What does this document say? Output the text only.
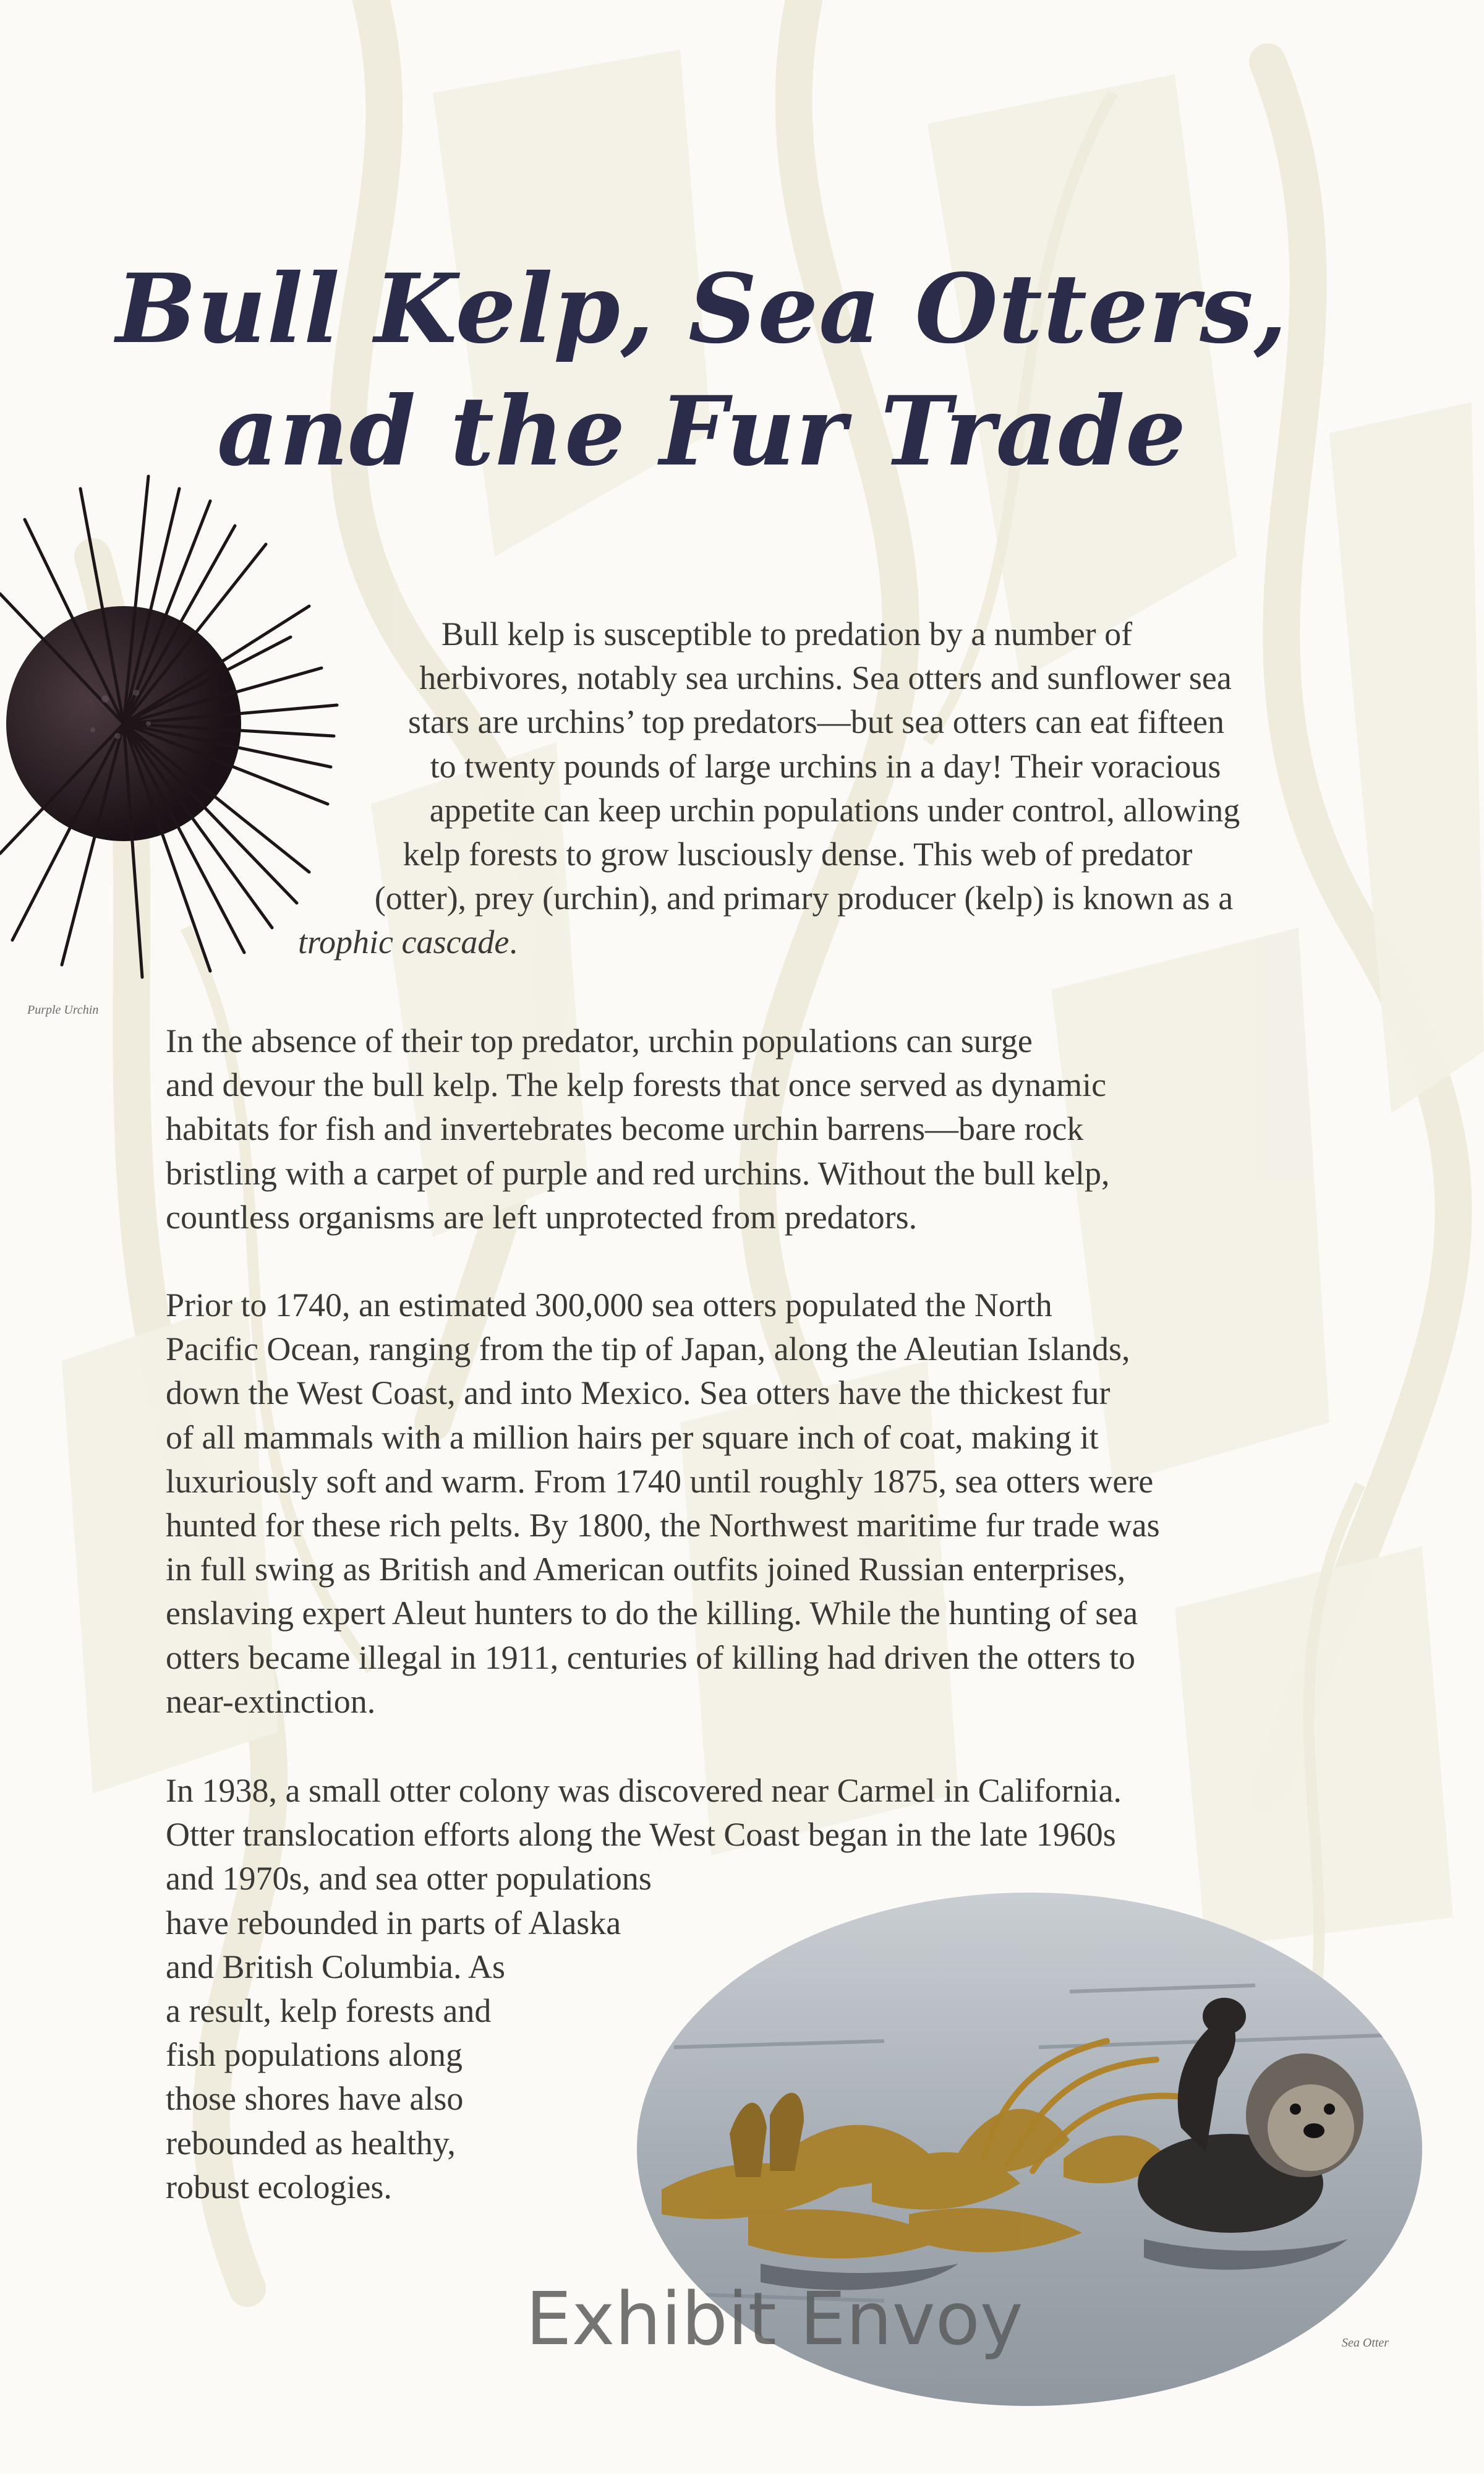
Bull Kelp, Sea Otters,
and the Fur Trade
Purple Urchin
Bull kelp is susceptible to predation by a number of
herbivores, notably sea urchins. Sea otters and sunflower sea
stars are urchins’ top predators—but sea otters can eat fifteen
to twenty pounds of large urchins in a day! Their voracious
appetite can keep urchin populations under control, allowing
kelp forests to grow lusciously dense. This web of predator
(otter), prey (urchin), and primary producer (kelp) is known as a
trophic cascade.
In the absence of their top predator, urchin populations can surge
and devour the bull kelp. The kelp forests that once served as dynamic
habitats for fish and invertebrates become urchin barrens—bare rock
bristling with a carpet of purple and red urchins. Without the bull kelp,
countless organisms are left unprotected from predators.
Prior to 1740, an estimated 300,000 sea otters populated the North
Pacific Ocean, ranging from the tip of Japan, along the Aleutian Islands,
down the West Coast, and into Mexico. Sea otters have the thickest fur
of all mammals with a million hairs per square inch of coat, making it
luxuriously soft and warm. From 1740 until roughly 1875, sea otters were
hunted for these rich pelts. By 1800, the Northwest maritime fur trade was
in full swing as British and American outfits joined Russian enterprises,
enslaving expert Aleut hunters to do the killing. While the hunting of sea
otters became illegal in 1911, centuries of killing had driven the otters to
near-extinction.
In 1938, a small otter colony was discovered near Carmel in California.
Otter translocation efforts along the West Coast began in the late 1960s
and 1970s, and sea otter populations
have rebounded in parts of Alaska
and British Columbia. As
a result, kelp forests and
fish populations along
those shores have also
rebounded as healthy,
robust ecologies.
Sea Otter
Exhibit Envoy
